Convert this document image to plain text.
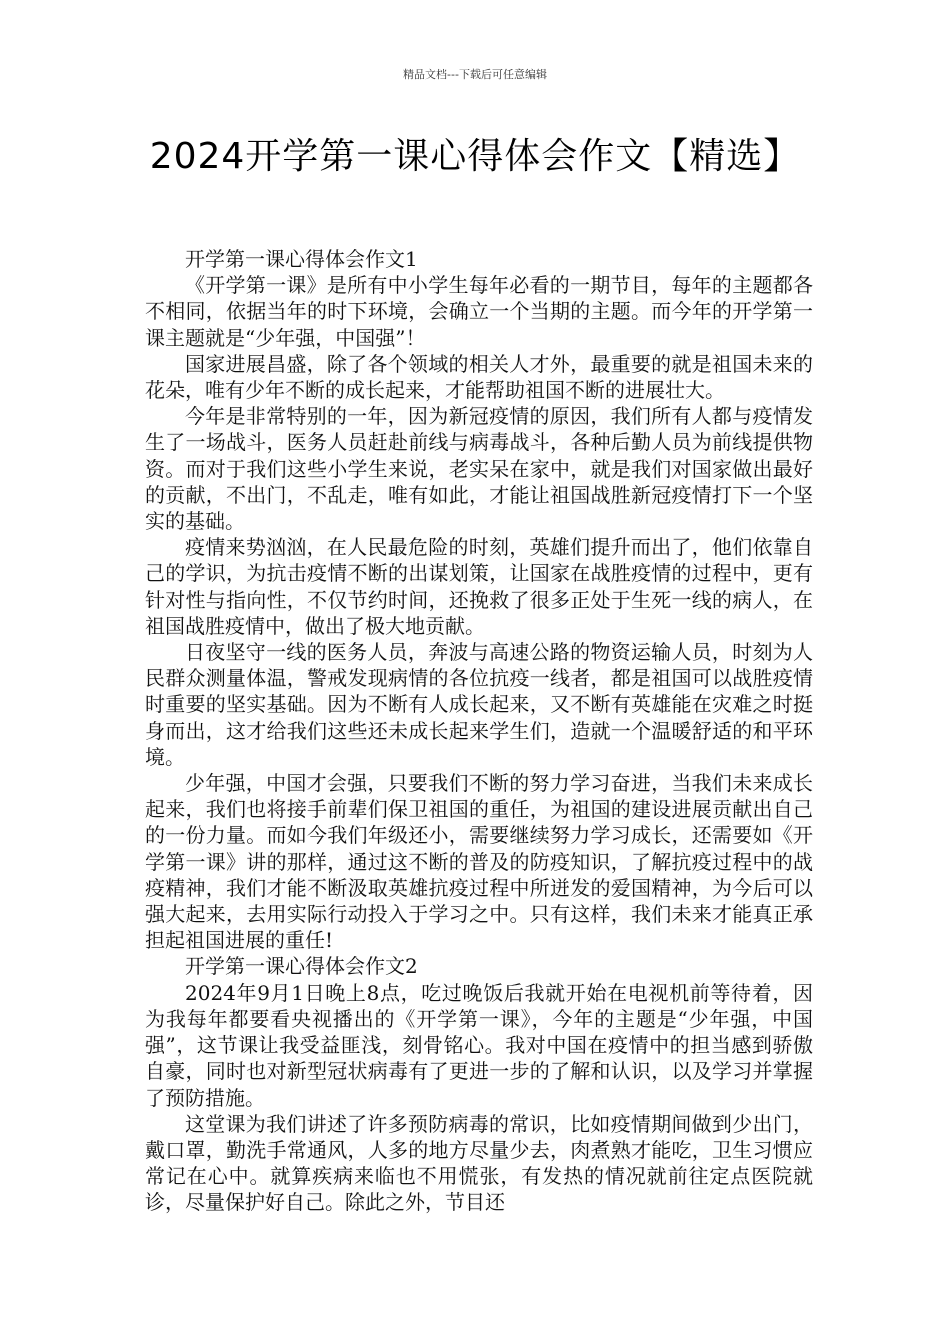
精品文档---下载后可任意编辑
2024开学第一课心得体会作文【精选】

开学第一课心得体会作文1

《开学第一课》是所有中小学生每年必看的一期节目，每年的主题都各不相同，依据当年的时下环境，会确立一个当期的主题。而今年的开学第一课主题就是“少年强，中国强”！

国家进展昌盛，除了各个领域的相关人才外，最重要的就是祖国未来的花朵，唯有少年不断的成长起来，才能帮助祖国不断的进展壮大。

今年是非常特别的一年，因为新冠疫情的原因，我们所有人都与疫情发生了一场战斗，医务人员赶赴前线与病毒战斗，各种后勤人员为前线提供物资。而对于我们这些小学生来说，老实呆在家中，就是我们对国家做出最好的贡献，不出门，不乱走，唯有如此，才能让祖国战胜新冠疫情打下一个坚实的基础。

疫情来势汹汹，在人民最危险的时刻，英雄们提升而出了，他们依靠自己的学识，为抗击疫情不断的出谋划策，让国家在战胜疫情的过程中，更有针对性与指向性，不仅节约时间，还挽救了很多正处于生死一线的病人，在祖国战胜疫情中，做出了极大地贡献。

日夜坚守一线的医务人员，奔波与高速公路的物资运输人员，时刻为人民群众测量体温，警戒发现病情的各位抗疫一线者，都是祖国可以战胜疫情时重要的坚实基础。因为不断有人成长起来，又不断有英雄能在灾难之时挺身而出，这才给我们这些还未成长起来学生们，造就一个温暖舒适的和平环境。

少年强，中国才会强，只要我们不断的努力学习奋进，当我们未来成长起来，我们也将接手前辈们保卫祖国的重任，为祖国的建设进展贡献出自己的一份力量。而如今我们年级还小，需要继续努力学习成长，还需要如《开学第一课》讲的那样，通过这不断的普及的防疫知识，了解抗疫过程中的战疫精神，我们才能不断汲取英雄抗疫过程中所迸发的爱国精神，为今后可以强大起来，去用实际行动投入于学习之中。只有这样，我们未来才能真正承担起祖国进展的重任!

开学第一课心得体会作文2

2024年9月1日晚上8点，吃过晚饭后我就开始在电视机前等待着，因为我每年都要看央视播出的《开学第一课》，今年的主题是“少年强，中国强”，这节课让我受益匪浅，刻骨铭心。我对中国在疫情中的担当感到骄傲自豪，同时也对新型冠状病毒有了更进一步的了解和认识，以及学习并掌握了预防措施。

这堂课为我们讲述了许多预防病毒的常识，比如疫情期间做到少出门，戴口罩，勤洗手常通风，人多的地方尽量少去，肉煮熟才能吃，卫生习惯应常记在心中。就算疾病来临也不用慌张，有发热的情况就前往定点医院就诊，尽量保护好自己。除此之外，节目还
